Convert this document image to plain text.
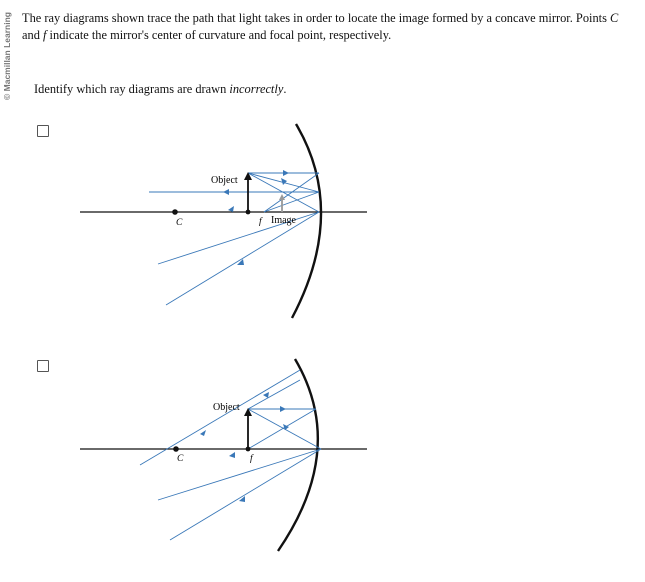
© Macmillan Learning The ray diagrams shown trace the path that light takes in order to locate the image formed by a concave mirror. Points C and f indicate the mirror's center of curvature and focal point, respectively.
Identify which ray diagrams are drawn incorrectly.
Object
C	f Image
Object
C	f
